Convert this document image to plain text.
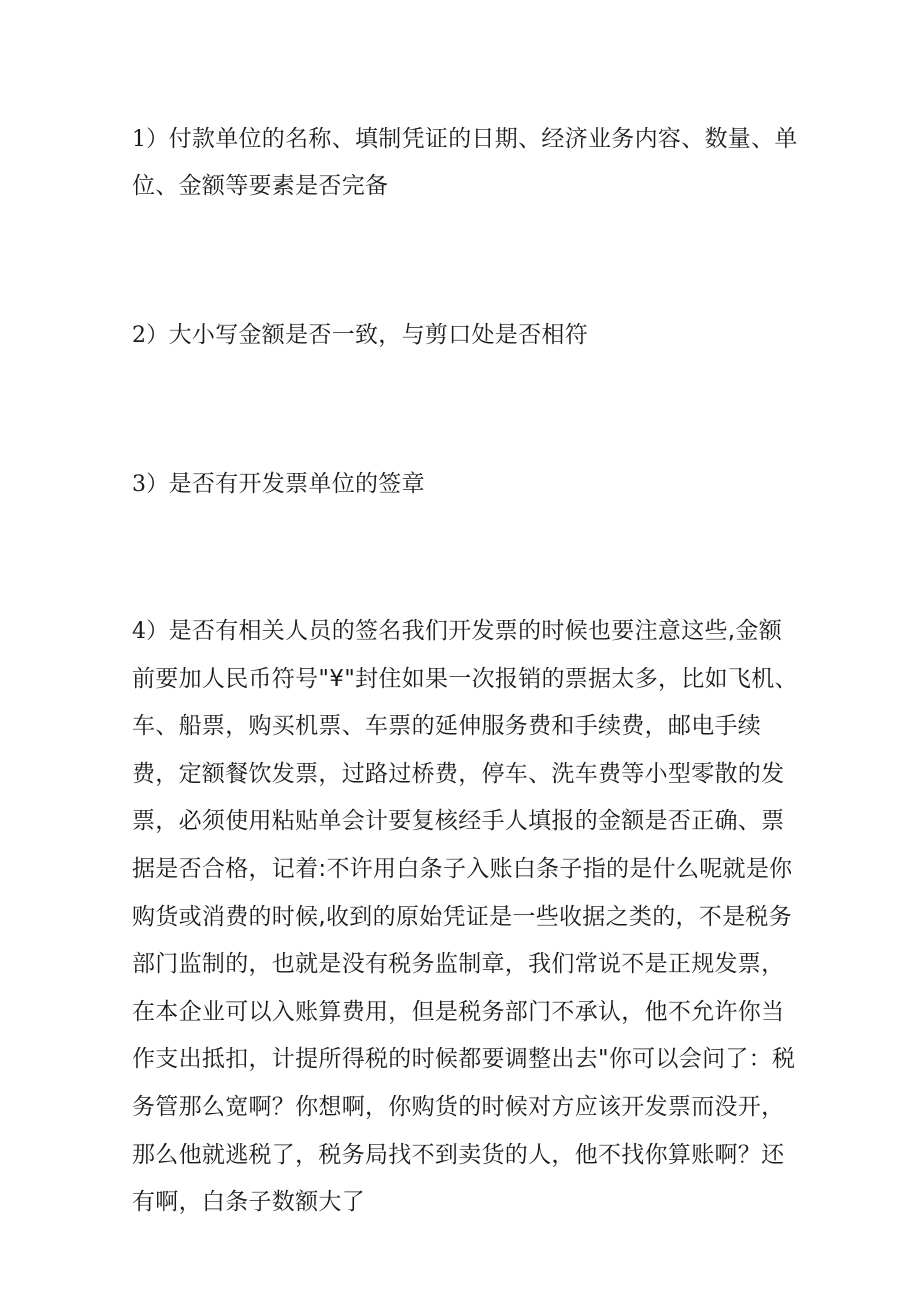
1）付款单位的名称、填制凭证的日期、经济业务内容、数量、单位、金额等要素是否完备

2）大小写金额是否一致，与剪口处是否相符

3）是否有开发票单位的签章

4）是否有相关人员的签名我们开发票的时候也要注意这些,金额前要加人民币符号"¥"封住如果一次报销的票据太多，比如飞机、车、船票，购买机票、车票的延伸服务费和手续费，邮电手续费，定额餐饮发票，过路过桥费，停车、洗车费等小型零散的发票，必须使用粘贴单会计要复核经手人填报的金额是否正确、票据是否合格，记着:不许用白条子入账白条子指的是什么呢就是你购货或消费的时候,收到的原始凭证是一些收据之类的，不是税务部门监制的，也就是没有税务监制章，我们常说不是正规发票，在本企业可以入账算费用，但是税务部门不承认，他不允许你当作支出抵扣，计提所得税的时候都要调整出去"你可以会问了：税务管那么宽啊？你想啊，你购货的时候对方应该开发票而没开，那么他就逃税了，税务局找不到卖货的人，他不找你算账啊？还有啊，白条子数额大了
